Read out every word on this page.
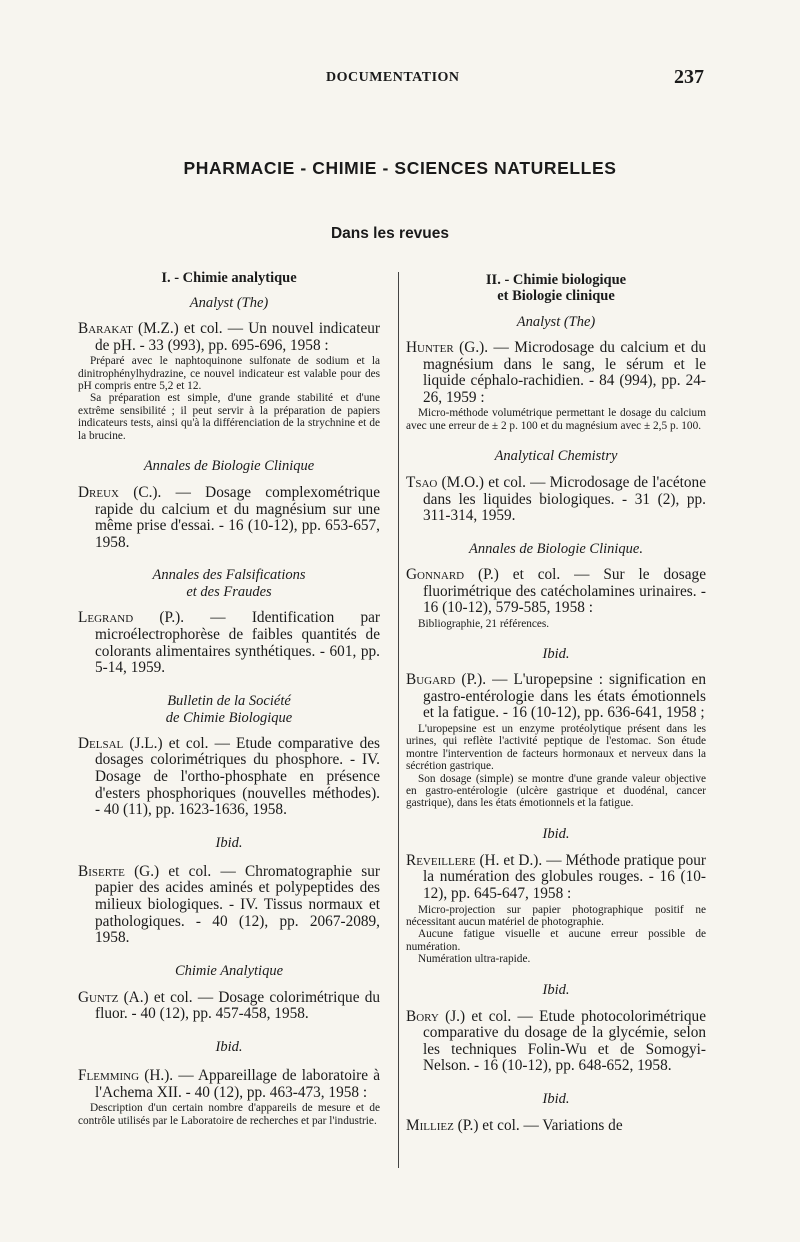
DOCUMENTATION	237
PHARMACIE - CHIMIE - SCIENCES NATURELLES
Dans les revues
I. - Chimie analytique
Analyst (The)
Barakat (M.Z.) et col. — Un nouvel indicateur de pH. - 33 (993), pp. 695-696, 1958 :

Préparé avec le naphtoquinone sulfonate de sodium et la dinitrophénylhydrazine, ce nouvel indicateur est valable pour des pH compris entre 5,2 et 12.

Sa préparation est simple, d'une grande stabilité et d'une extrême sensibilité ; il peut servir à la préparation de papiers indicateurs tests, ainsi qu'à la différenciation de la strychnine et de la brucine.

Annales de Biologie Clinique
Dreux (C.). — Dosage complexométrique rapide du calcium et du magnésium sur une même prise d'essai. - 16 (10-12), pp. 653-657, 1958.
Annales des Falsifications
et des Fraudes
Legrand (P.). — Identification par microélectrophorèse de faibles quantités de colorants alimentaires synthétiques. - 601, pp. 5-14, 1959.
Bulletin de la Société
de Chimie Biologique
Delsal (J.L.) et col. — Etude comparative des dosages colorimétriques du phosphore. - IV. Dosage de l'ortho-phosphate en présence d'esters phosphoriques (nouvelles méthodes). - 40 (11), pp. 1623-1636, 1958.
Ibid.
Biserte (G.) et col. — Chromatographie sur papier des acides aminés et polypeptides des milieux biologiques. - IV. Tissus normaux et pathologiques. - 40 (12), pp. 2067-2089, 1958.
Chimie Analytique
Guntz (A.) et col. — Dosage colorimétrique du fluor. - 40 (12), pp. 457-458, 1958.
Ibid.
Flemming (H.). — Appareillage de laboratoire à l'Achema XII. - 40 (12), pp. 463-473, 1958 :

Description d'un certain nombre d'appareils de mesure et de contrôle utilisés par le Laboratoire de recherches et par l'industrie.

II. - Chimie biologique
et Biologie clinique
Analyst (The)
Hunter (G.). — Microdosage du calcium et du magnésium dans le sang, le sérum et le liquide céphalo-rachidien. - 84 (994), pp. 24-26, 1959 :

Micro-méthode volumétrique permettant le dosage du calcium avec une erreur de ± 2 p. 100 et du magnésium avec ± 2,5 p. 100.

Analytical Chemistry
Tsao (M.O.) et col. — Microdosage de l'acétone dans les liquides biologiques. - 31 (2), pp. 311-314, 1959.
Annales de Biologie Clinique.
Gonnard (P.) et col. — Sur le dosage fluorimétrique des catécholamines urinaires. - 16 (10-12), 579-585, 1958 :

Bibliographie, 21 références.

Ibid.
Bugard (P.). — L'uropepsine : signification en gastro-entérologie dans les états émotionnels et la fatigue. - 16 (10-12), pp. 636-641, 1958 ;

L'uropepsine est un enzyme protéolytique présent dans les urines, qui reflète l'activité peptique de l'estomac. Son étude montre l'intervention de facteurs hormonaux et nerveux dans la sécrétion gastrique.

Son dosage (simple) se montre d'une grande valeur objective en gastro-entérologie (ulcère gastrique et duodénal, cancer gastrique), dans les états émotionnels et la fatigue.

Ibid.
Reveillere (H. et D.). — Méthode pratique pour la numération des globules rouges. - 16 (10-12), pp. 645-647, 1958 :

Micro-projection sur papier photographique positif ne nécessitant aucun matériel de photographie.

Aucune fatigue visuelle et aucune erreur possible de numération.

Numération ultra-rapide.

Ibid.
Bory (J.) et col. — Etude photocolorimétrique comparative du dosage de la glycémie, selon les techniques Folin-Wu et de Somogyi-Nelson. - 16 (10-12), pp. 648-652, 1958.
Ibid.
Milliez (P.) et col. — Variations de
